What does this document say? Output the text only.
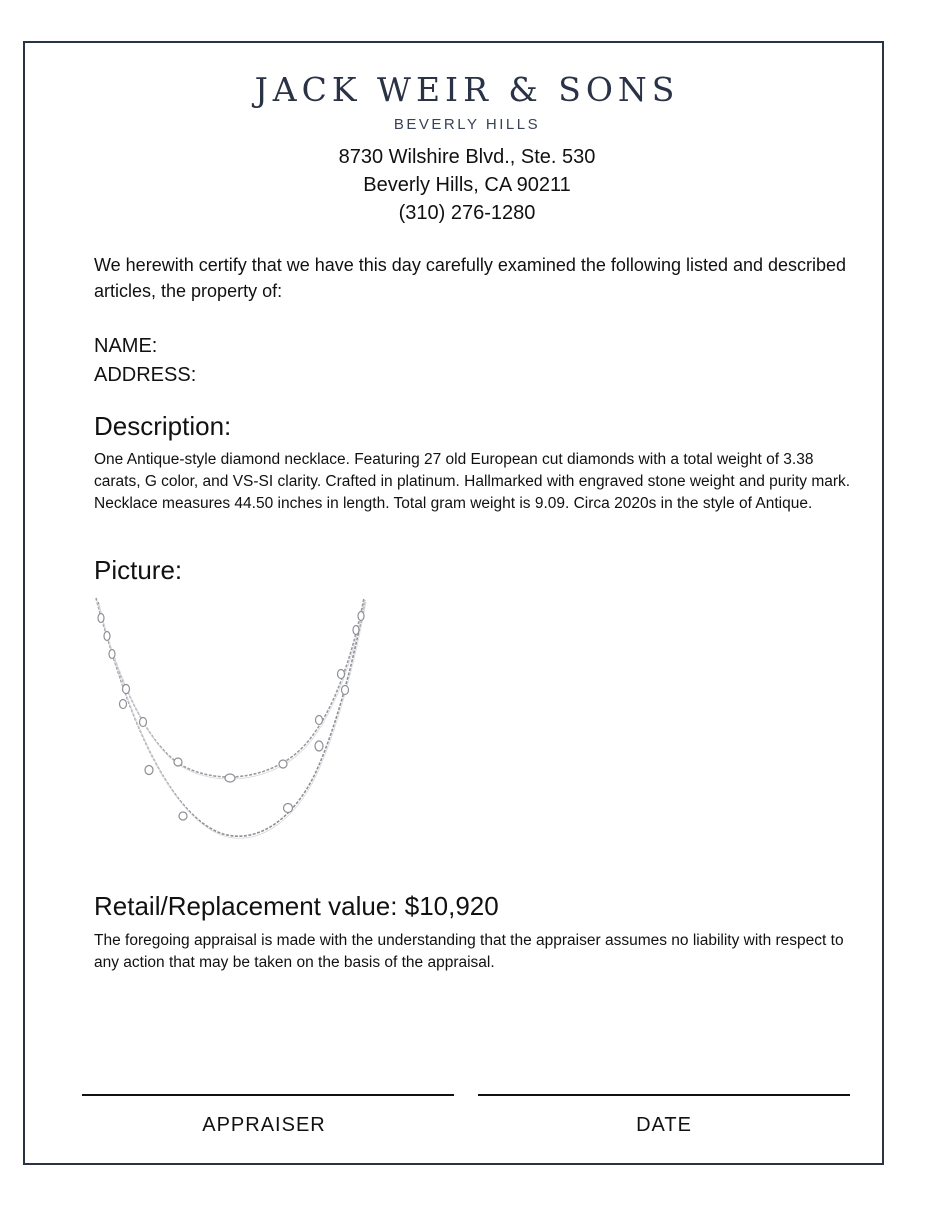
JACK WEIR & SONS
BEVERLY HILLS
8730 Wilshire Blvd., Ste. 530
Beverly Hills, CA 90211
(310) 276-1280
We herewith certify that we have this day carefully examined the following listed and described articles, the property of:
NAME:
ADDRESS:
Description:
One Antique-style diamond necklace. Featuring 27 old European cut diamonds with a total weight of 3.38 carats, G color, and VS-SI clarity. Crafted in platinum. Hallmarked with engraved stone weight and purity mark. Necklace measures 44.50 inches in length. Total gram weight is 9.09. Circa 2020s in the style of Antique.
Picture:
Retail/Replacement value: $10,920
The foregoing appraisal is made with the understanding that the appraiser assumes no liability with respect to any action that may be taken on the basis of the appraisal.
APPRAISER	DATE
